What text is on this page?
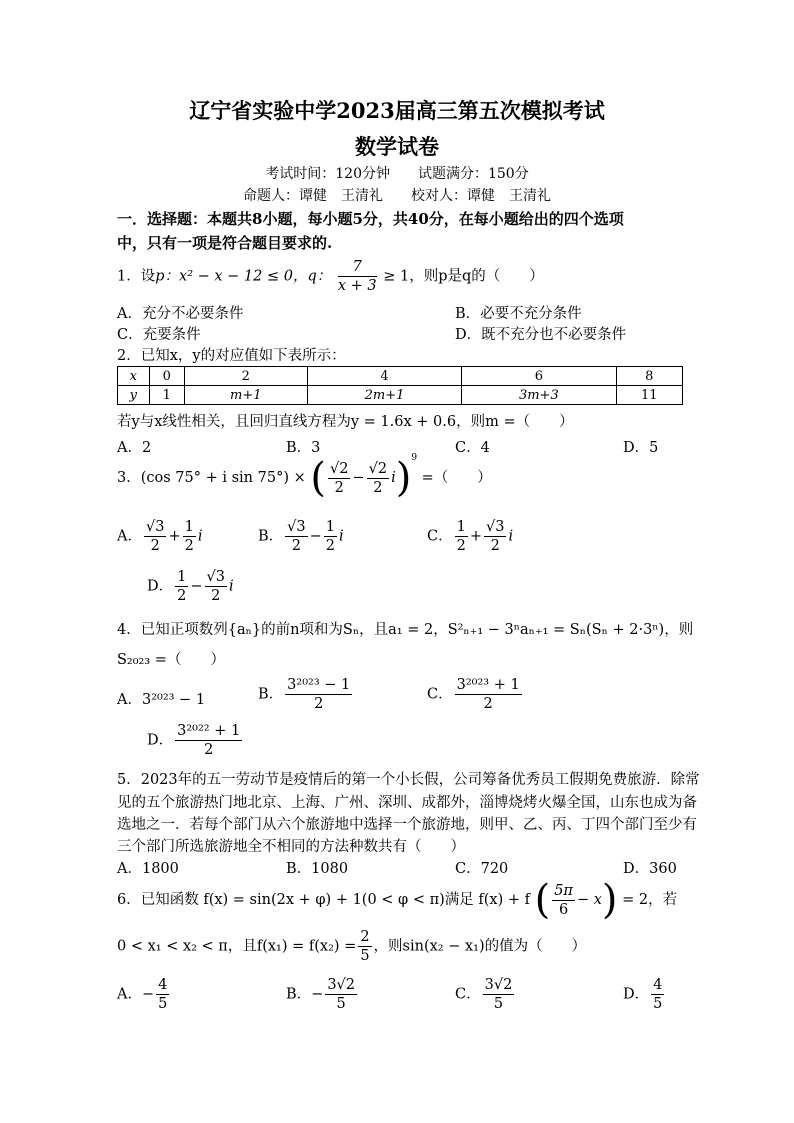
辽宁省实验中学2023届高三第五次模拟考试
数学试卷
考试时间：120分钟　　试题满分：150分
命题人：谭健　王清礼　　校对人：谭健　王清礼
一．选择题：本题共8小题，每小题5分，共40分，在每小题给出的四个选项
中，只有一项是符合题目要求的.
1．设p：x² − x − 12 ≤ 0，q： $\frac{7}{x + 3} \ge 1$，则p是q的（　　）
A．充分不必要条件	B．必要不充分条件
C．充要条件	D．既不充分也不必要条件
2．已知x，y的对应值如下表所示：
x	0	2	4	6	8
y	1	m+1	2m+1	3m+3	11
若y与x线性相关，且回归直线方程为y = 1.6x + 0.6，则m =（　　）
A．2	B．3	C．4	D．5
3．(cos 75° + i sin 75°) × ( $\frac{√2}{2} - \frac{√2}{2} i)^9$ =（　　）
A． $\frac{√3}{2} + \frac{1}{2}$ i	B． $\frac{√3}{2} - \frac{1}{2}$ i	C． $\frac{1}{2} + \frac{√3}{2}$ i
D． $\frac{1}{2} - \frac{√3}{2}$ i
4．已知正项数列{aₙ}的前n项和为Sₙ，且a₁ = 2，S²ₙ₊₁ − 3ⁿaₙ₊₁ = Sₙ(Sₙ + 2·3ⁿ)，则
S₂₀₂₃ =（　　）
A．3²⁰²³ − 1	B． $\frac{\text{3²⁰²³ − 1}}{2}$	C． $\frac{\text{3²⁰²³ + 1}}{2}$
D． $\frac{\text{3²⁰²² + 1}}{2}$
5．2023年的五一劳动节是疫情后的第一个小长假，公司筹备优秀员工假期免费旅游．除常
见的五个旅游热门地北京、上海、广州、深圳、成都外，淄博烧烤火爆全国，山东也成为备
选地之一．若每个部门从六个旅游地中选择一个旅游地，则甲、乙、丙、丁四个部门至少有
三个部门所选旅游地全不相同的方法种数共有（　　）
A．1800	B．1080	C．720	D．360
6．已知函数 f(x) = sin(2x + φ) + 1(0 < φ < π)满足 f(x) + f ( $\frac{5\pi}{6} - x) = 2$，若
0 < x₁ < x₂ < π，且$f(x_1) = f(x_2) = \frac{2}{5}$ ，则sin(x₂ − x₁)的值为（　　）
A．− $\frac{4}{5}$	B．− $\frac{3√2}{5}$	C． $\frac{3√2}{5}$	D． $\frac{4}{5}$
